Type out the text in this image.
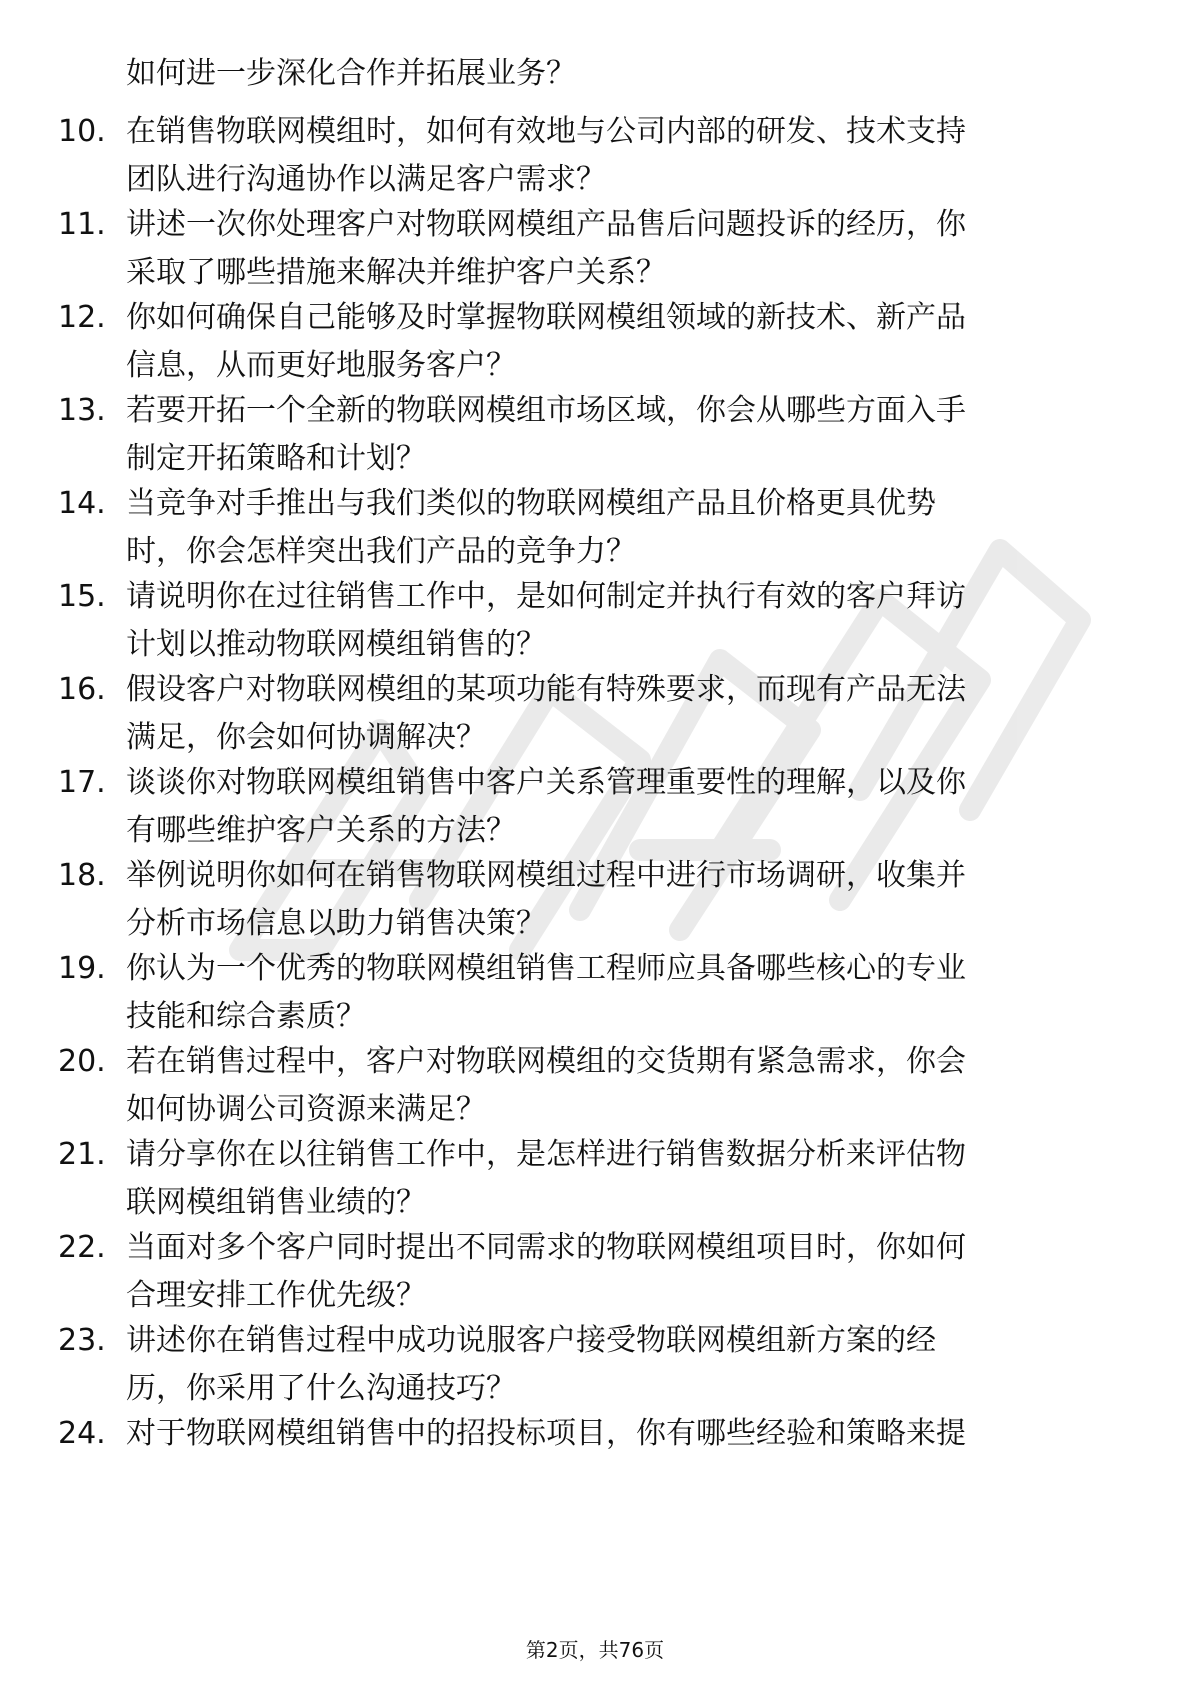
如何进一步深化合作并拓展业务？
10. 在销售物联网模组时，如何有效地与公司内部的研发、技术支持
团队进行沟通协作以满足客户需求？
11. 讲述一次你处理客户对物联网模组产品售后问题投诉的经历，你
采取了哪些措施来解决并维护客户关系？
12. 你如何确保自己能够及时掌握物联网模组领域的新技术、新产品
信息，从而更好地服务客户？
13. 若要开拓一个全新的物联网模组市场区域，你会从哪些方面入手
制定开拓策略和计划？
14. 当竞争对手推出与我们类似的物联网模组产品且价格更具优势
时，你会怎样突出我们产品的竞争力？
15. 请说明你在过往销售工作中，是如何制定并执行有效的客户拜访
计划以推动物联网模组销售的？
16. 假设客户对物联网模组的某项功能有特殊要求，而现有产品无法
满足，你会如何协调解决？
17. 谈谈你对物联网模组销售中客户关系管理重要性的理解，以及你
有哪些维护客户关系的方法？
18. 举例说明你如何在销售物联网模组过程中进行市场调研，收集并
分析市场信息以助力销售决策？
19. 你认为一个优秀的物联网模组销售工程师应具备哪些核心的专业
技能和综合素质？
20. 若在销售过程中，客户对物联网模组的交货期有紧急需求，你会
如何协调公司资源来满足？
21. 请分享你在以往销售工作中，是怎样进行销售数据分析来评估物
联网模组销售业绩的？
22. 当面对多个客户同时提出不同需求的物联网模组项目时，你如何
合理安排工作优先级？
23. 讲述你在销售过程中成功说服客户接受物联网模组新方案的经
历，你采用了什么沟通技巧？
24. 对于物联网模组销售中的招投标项目，你有哪些经验和策略来提
第2页，共76页
